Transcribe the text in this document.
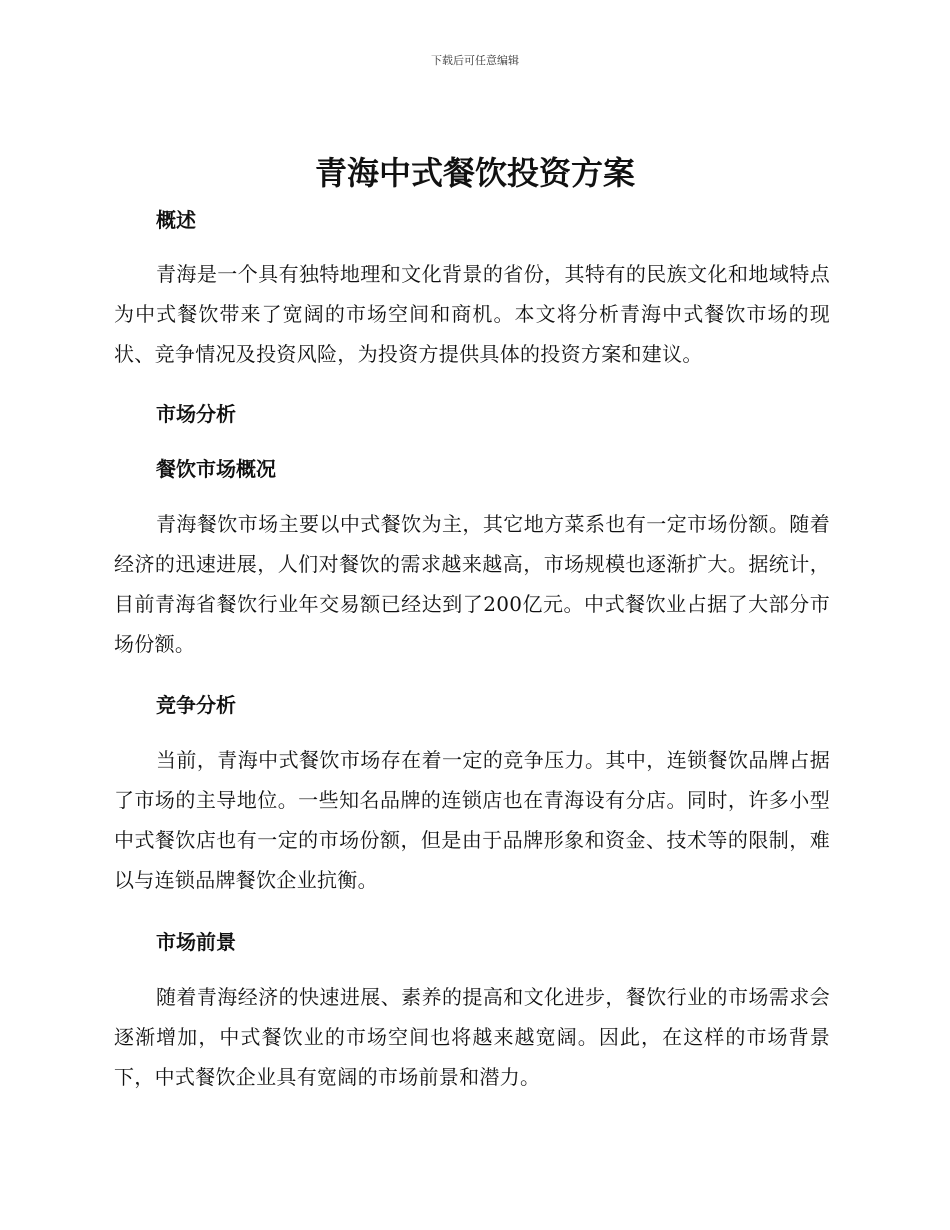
下载后可任意编辑
青海中式餐饮投资方案
概述

青海是一个具有独特地理和文化背景的省份，其特有的民族文化和地域特点为中式餐饮带来了宽阔的市场空间和商机。本文将分析青海中式餐饮市场的现状、竞争情况及投资风险，为投资方提供具体的投资方案和建议。

市场分析
餐饮市场概况

青海餐饮市场主要以中式餐饮为主，其它地方菜系也有一定市场份额。随着经济的迅速进展，人们对餐饮的需求越来越高，市场规模也逐渐扩大。据统计，目前青海省餐饮行业年交易额已经达到了200亿元。中式餐饮业占据了大部分市场份额。

竞争分析

当前，青海中式餐饮市场存在着一定的竞争压力。其中，连锁餐饮品牌占据了市场的主导地位。一些知名品牌的连锁店也在青海设有分店。同时，许多小型中式餐饮店也有一定的市场份额，但是由于品牌形象和资金、技术等的限制，难以与连锁品牌餐饮企业抗衡。

市场前景

随着青海经济的快速进展、素养的提高和文化进步，餐饮行业的市场需求会逐渐增加，中式餐饮业的市场空间也将越来越宽阔。因此，在这样的市场背景下，中式餐饮企业具有宽阔的市场前景和潜力。
